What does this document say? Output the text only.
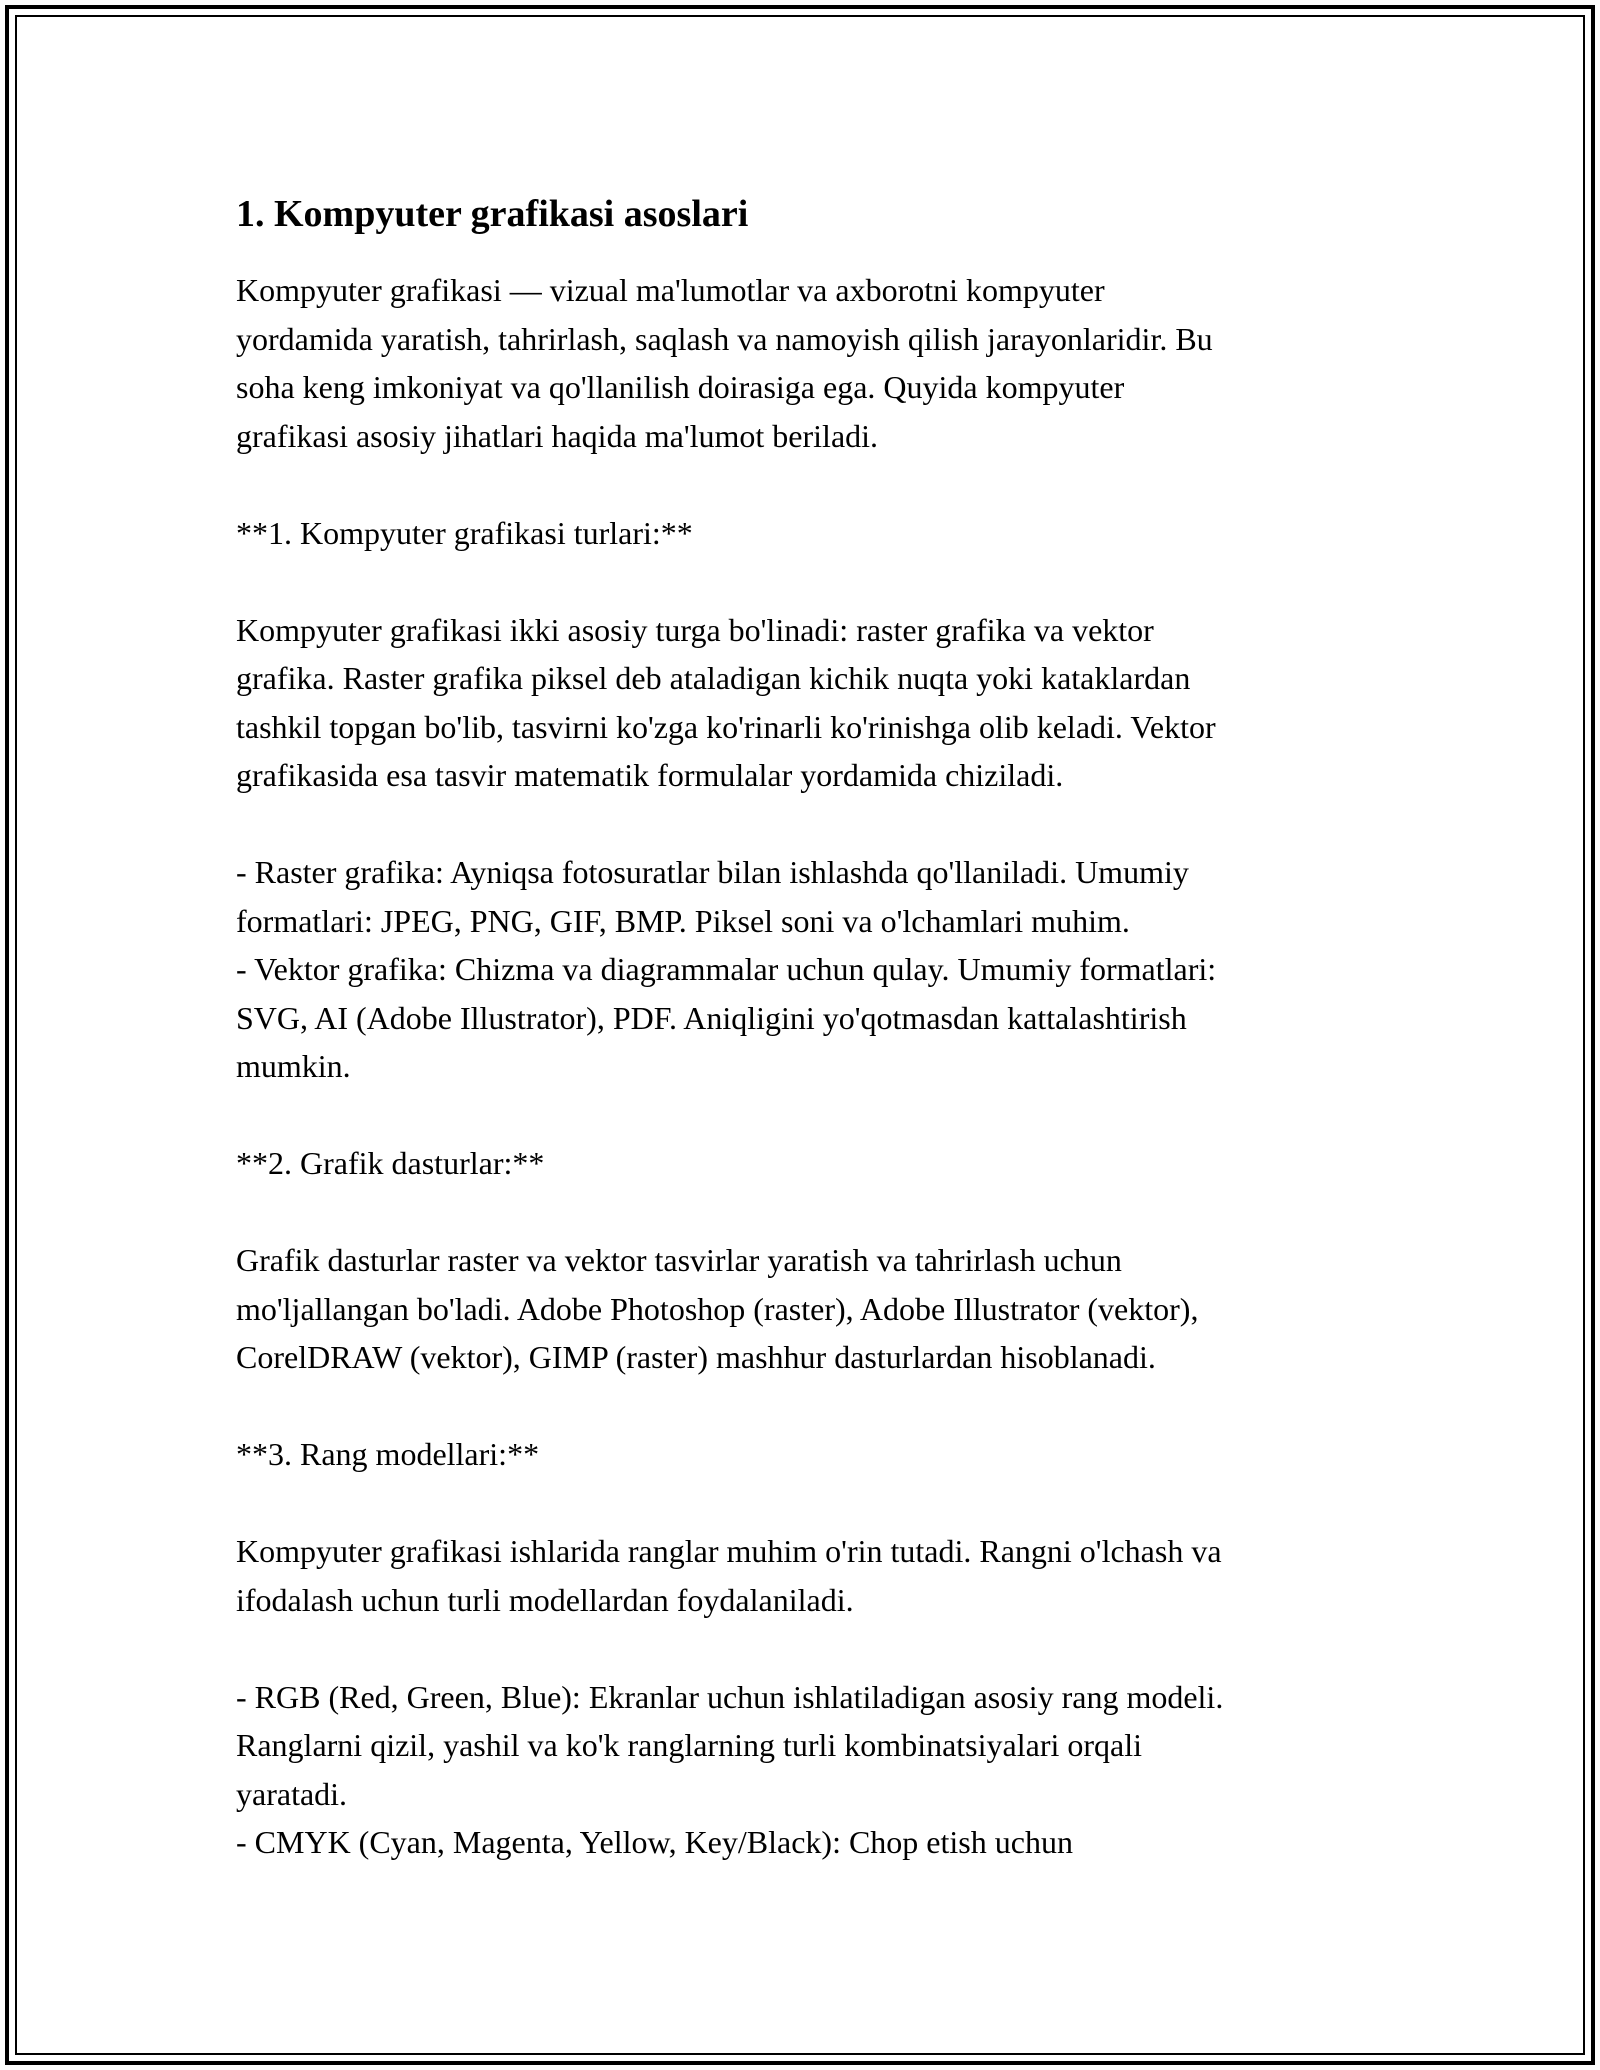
1. Kompyuter grafikasi asoslari

Kompyuter grafikasi — vizual ma'lumotlar va axborotni kompyuter
yordamida yaratish, tahrirlash, saqlash va namoyish qilish jarayonlaridir. Bu
soha keng imkoniyat va qo'llanilish doirasiga ega. Quyida kompyuter
grafikasi asosiy jihatlari haqida ma'lumot beriladi.

**1. Kompyuter grafikasi turlari:**

Kompyuter grafikasi ikki asosiy turga bo'linadi: raster grafika va vektor
grafika. Raster grafika piksel deb ataladigan kichik nuqta yoki kataklardan
tashkil topgan bo'lib, tasvirni ko'zga ko'rinarli ko'rinishga olib keladi. Vektor
grafikasida esa tasvir matematik formulalar yordamida chiziladi.

- Raster grafika: Ayniqsa fotosuratlar bilan ishlashda qo'llaniladi. Umumiy
formatlari: JPEG, PNG, GIF, BMP. Piksel soni va o'lchamlari muhim.
- Vektor grafika: Chizma va diagrammalar uchun qulay. Umumiy formatlari:
SVG, AI (Adobe Illustrator), PDF. Aniqligini yo'qotmasdan kattalashtirish
mumkin.

**2. Grafik dasturlar:**

Grafik dasturlar raster va vektor tasvirlar yaratish va tahrirlash uchun
mo'ljallangan bo'ladi. Adobe Photoshop (raster), Adobe Illustrator (vektor),
CorelDRAW (vektor), GIMP (raster) mashhur dasturlardan hisoblanadi.

**3. Rang modellari:**

Kompyuter grafikasi ishlarida ranglar muhim o'rin tutadi. Rangni o'lchash va
ifodalash uchun turli modellardan foydalaniladi.

- RGB (Red, Green, Blue): Ekranlar uchun ishlatiladigan asosiy rang modeli.
Ranglarni qizil, yashil va ko'k ranglarning turli kombinatsiyalari orqali
yaratadi.
- CMYK (Cyan, Magenta, Yellow, Key/Black): Chop etish uchun
